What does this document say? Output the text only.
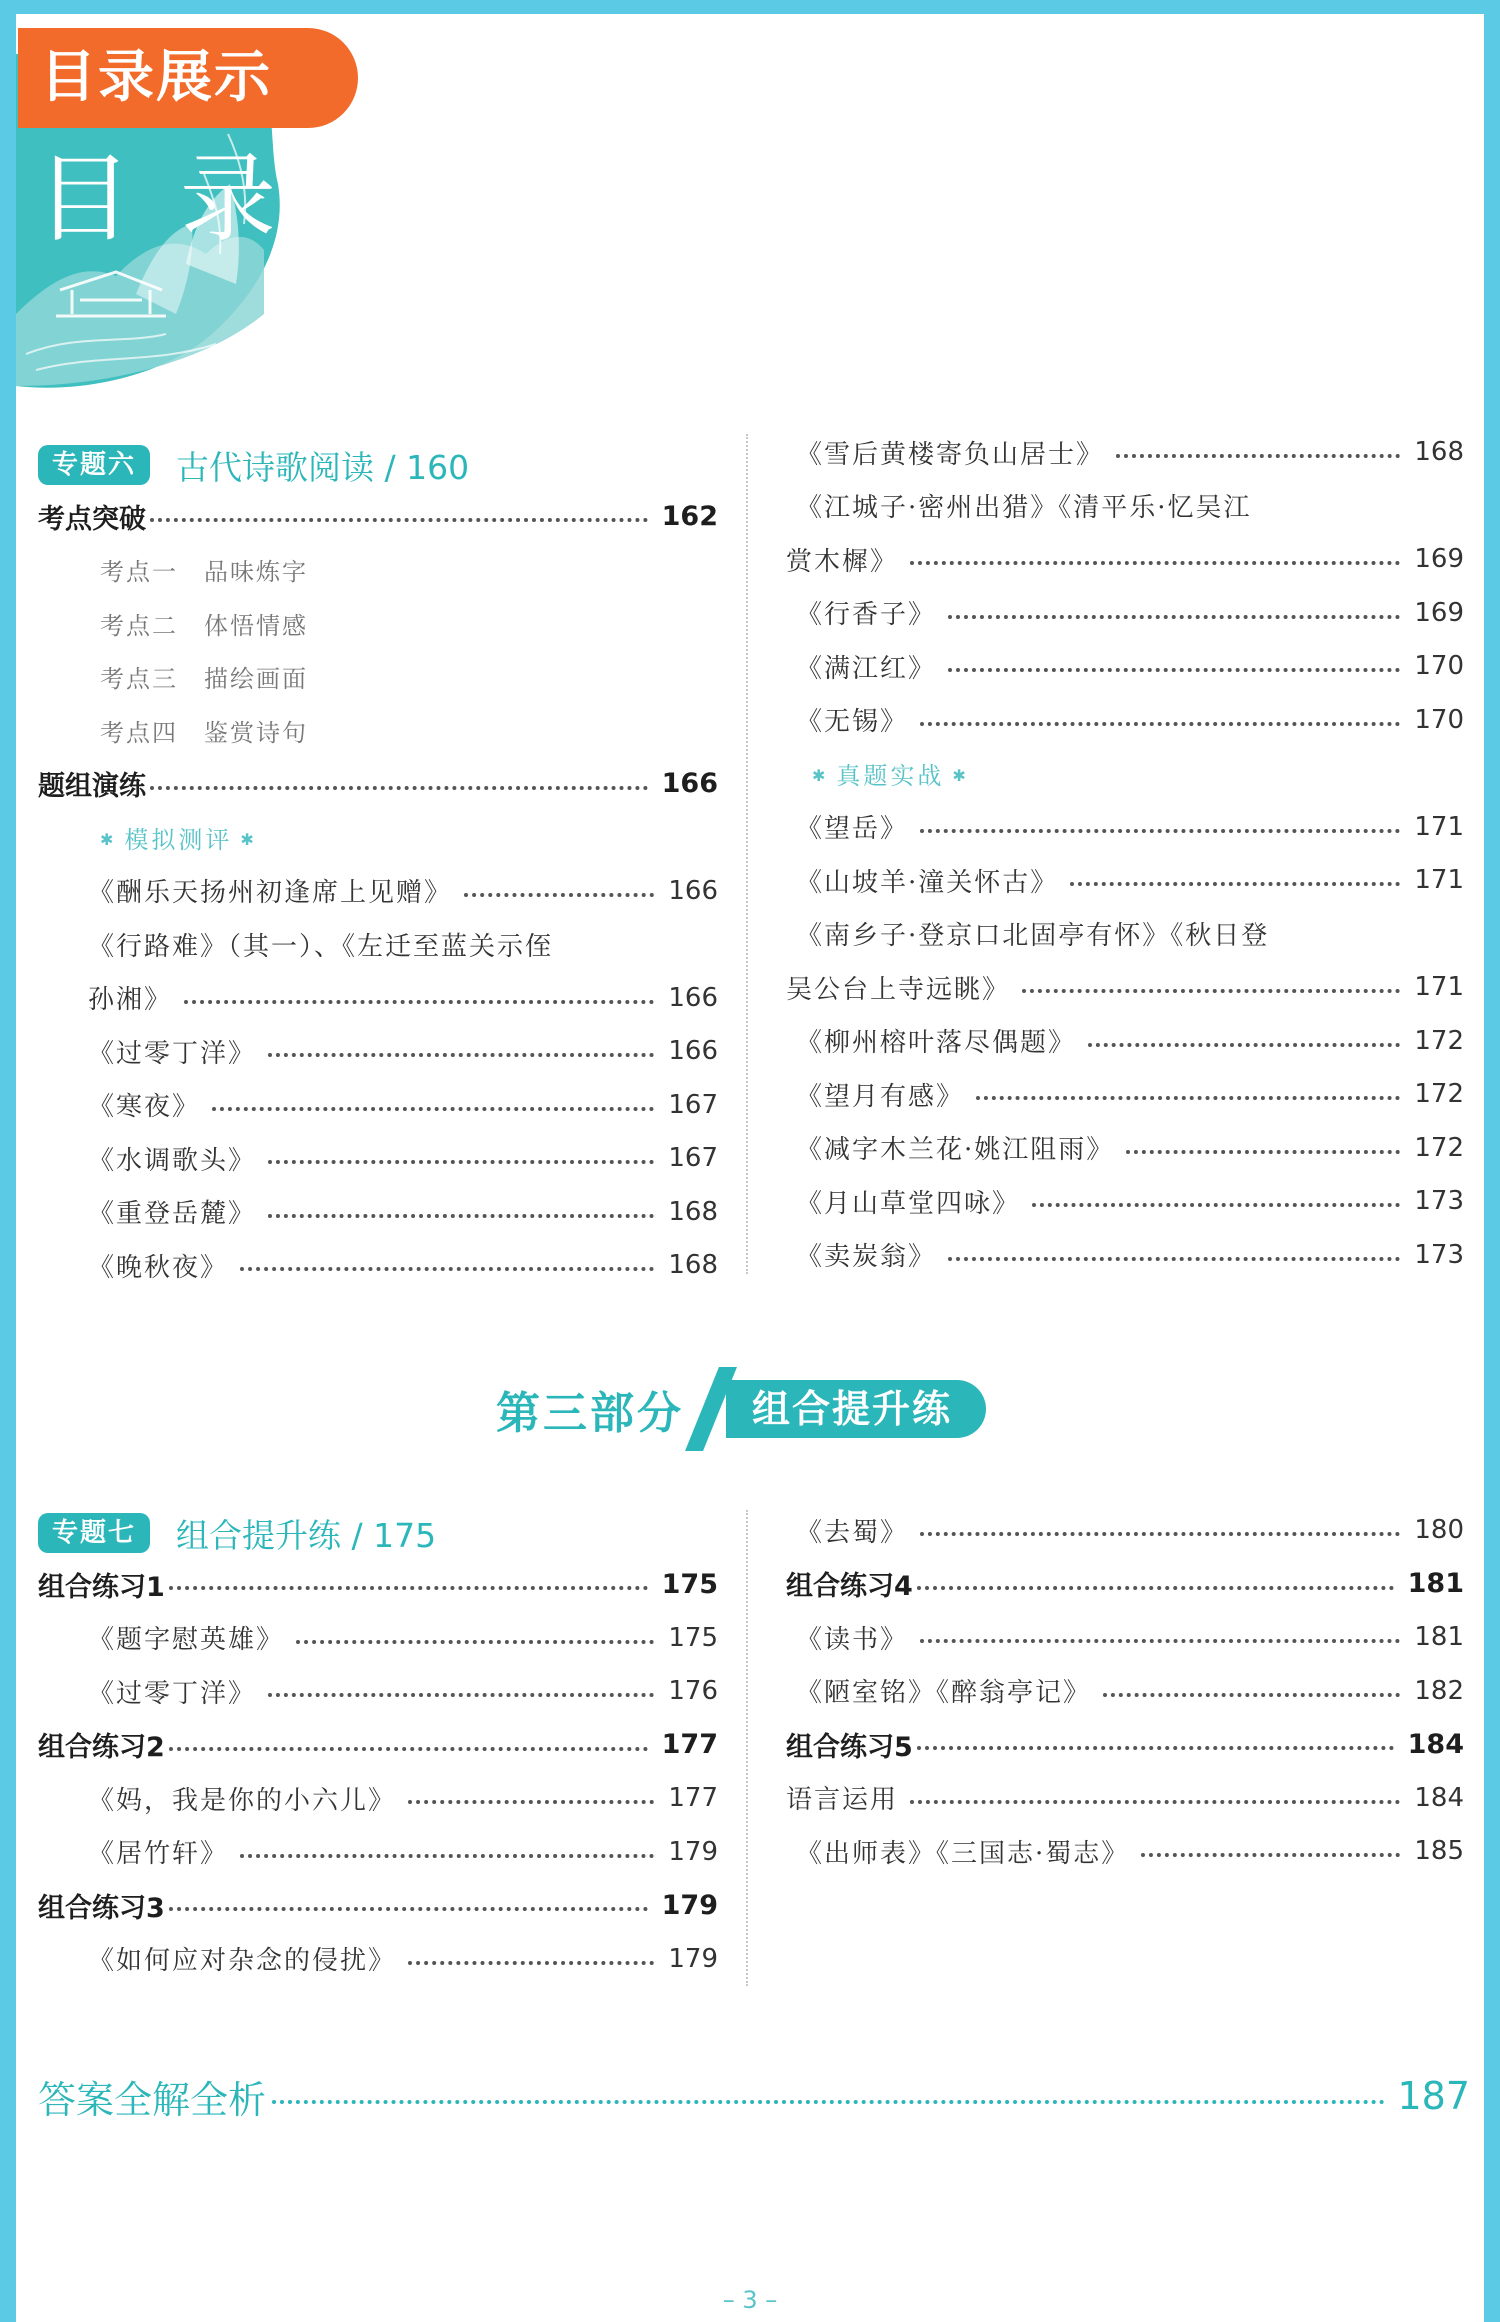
目录展示
目录
专题六	古代诗歌阅读 / 160
考点突破	162
考点一 品味炼字
考点二 体悟情感
考点三 描绘画面
考点四 鉴赏诗句
题组演练	166
✱ 模拟测评 ✱
《酬乐天扬州初逢席上见赠》	166
《行路难》（其一）、《左迁至蓝关示侄
孙湘》	166
《过零丁洋》	166
《寒夜》	167
《水调歌头》	167
《重登岳麓》	168
《晚秋夜》	168
《雪后黄楼寄负山居士》	168
《江城子·密州出猎》《清平乐·忆吴江
赏木樨》	169
《行香子》	169
《满江红》	170
《无锡》	170
✱ 真题实战 ✱
《望岳》	171
《山坡羊·潼关怀古》	171
《南乡子·登京口北固亭有怀》《秋日登
吴公台上寺远眺》	171
《柳州榕叶落尽偶题》	172
《望月有感》	172
《减字木兰花·姚江阻雨》	172
《月山草堂四咏》	173
《卖炭翁》	173
第三部分	组合提升练
专题七	组合提升练 / 175
组合练习1	175
《题字慰英雄》	175
《过零丁洋》	176
组合练习2	177
《妈，我是你的小六儿》	177
《居竹轩》	179
组合练习3	179
《如何应对杂念的侵扰》	179
《去蜀》	180
组合练习4	181
《读书》	181
《陋室铭》《醉翁亭记》	182
组合练习5	184
语言运用	184
《出师表》《三国志·蜀志》	185
答案全解全析	187
– 3 –
